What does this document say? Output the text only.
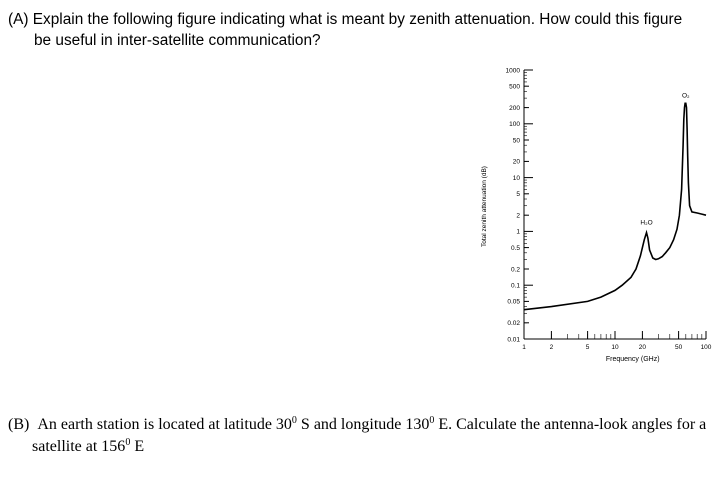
(A) Explain the following figure indicating what is meant by zenith attenuation. How could this figure
be useful in inter-satellite communication?
1000
500
200
100
50
20
10
5
2
1
0.5
0.2
0.1
0.05
0.02
0.01
1	2	5	10	20	50	100
Total zenith attenuation (dB)
Frequency (GHz)
H₂O
O₂
(B) An earth station is located at latitude $30^0$ S and longitude $130^0$ E. Calculate the antenna-look angles for a
satellite at $156^0$ E
